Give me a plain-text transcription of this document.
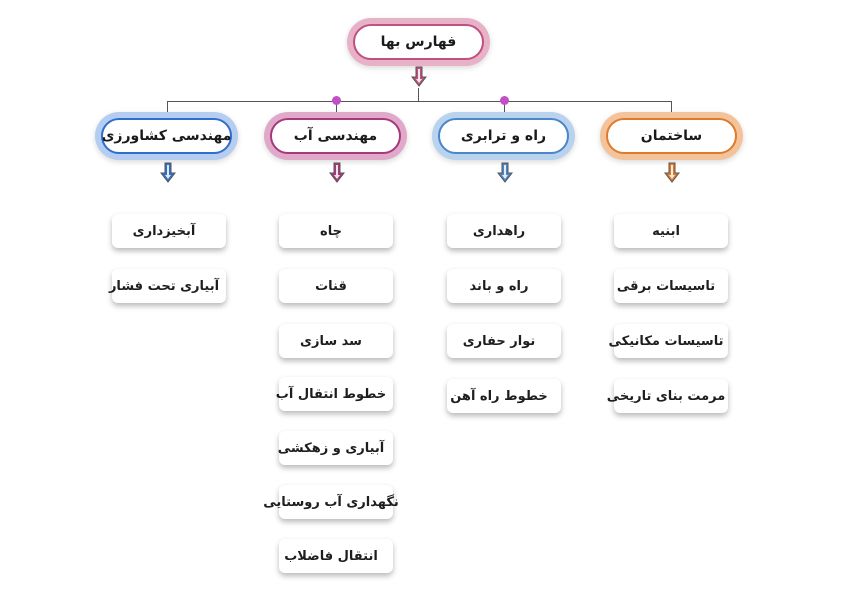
فهارس بها
ساختمان
راه و ترابری
مهندسی آب
مهندسی کشاورزی
ابنیه
تاسیسات برقی
تاسیسات مکانیکی
مرمت بنای تاریخی
راهداری
راه و باند
نوار حفاری
خطوط راه آهن
چاه
قنات
سد سازی
خطوط انتقال آب
آبیاری و زهکشی
نگهداری آب روستایی
انتقال فاضلاب
آبخیزداری
آبیاری تحت فشار
